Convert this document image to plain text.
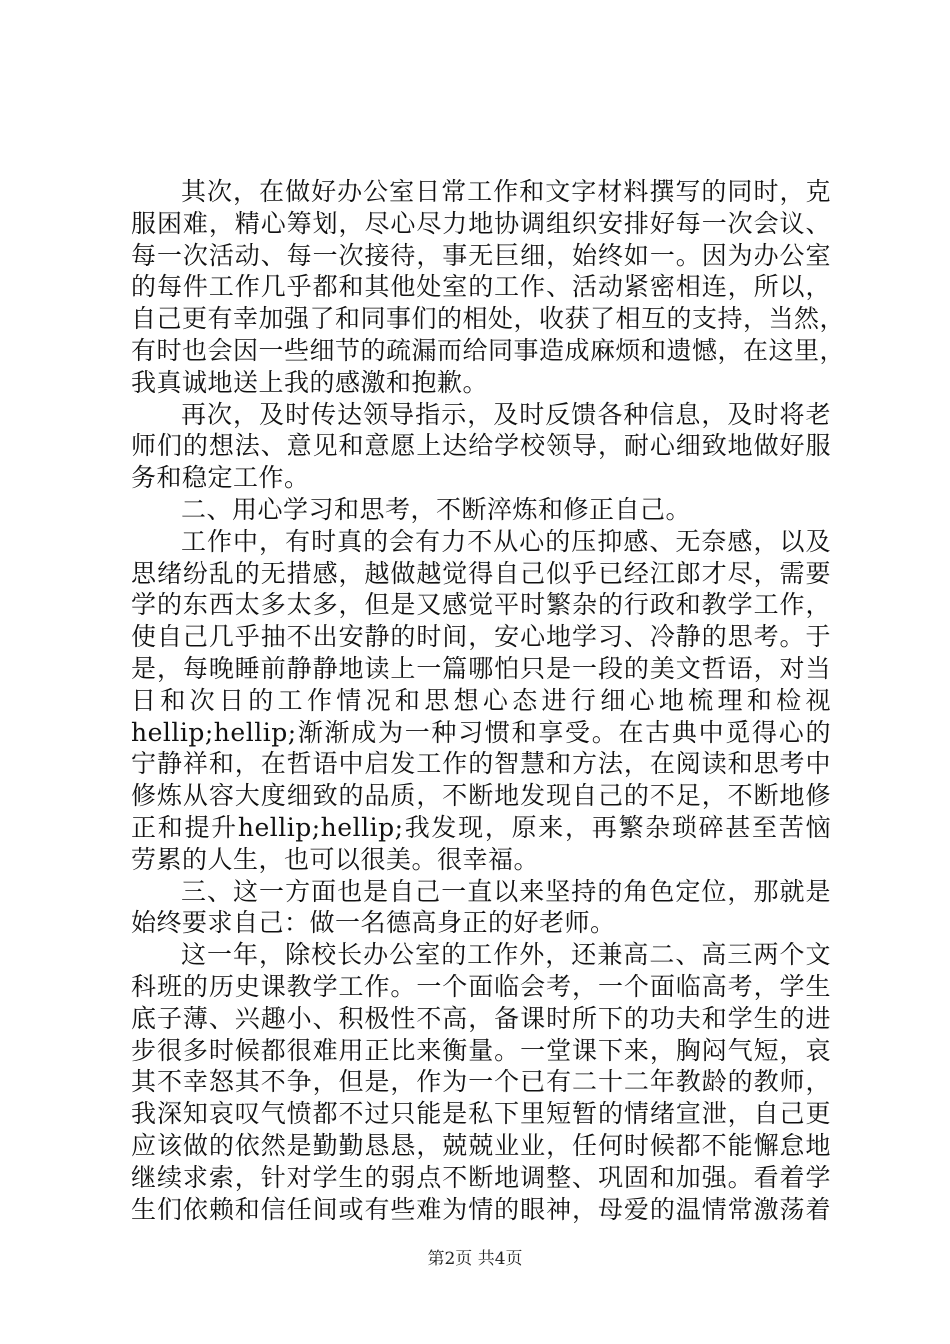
其次，在做好办公室日常工作和文字材料撰写的同时，克
服困难，精心筹划，尽心尽力地协调组织安排好每一次会议、
每一次活动、每一次接待，事无巨细，始终如一。因为办公室
的每件工作几乎都和其他处室的工作、活动紧密相连，所以，
自己更有幸加强了和同事们的相处，收获了相互的支持，当然，
有时也会因一些细节的疏漏而给同事造成麻烦和遗憾，在这里，
我真诚地送上我的感激和抱歉。
再次，及时传达领导指示，及时反馈各种信息，及时将老
师们的想法、意见和意愿上达给学校领导，耐心细致地做好服
务和稳定工作。
二、用心学习和思考，不断淬炼和修正自己。
工作中，有时真的会有力不从心的压抑感、无奈感，以及
思绪纷乱的无措感，越做越觉得自己似乎已经江郎才尽，需要
学的东西太多太多，但是又感觉平时繁杂的行政和教学工作，
使自己几乎抽不出安静的时间，安心地学习、冷静的思考。于
是，每晚睡前静静地读上一篇哪怕只是一段的美文哲语，对当
日和次日的工作情况和思想心态进行细心地梳理和检视
hellip;hellip;渐渐成为一种习惯和享受。在古典中觅得心的
宁静祥和，在哲语中启发工作的智慧和方法，在阅读和思考中
修炼从容大度细致的品质，不断地发现自己的不足，不断地修
正和提升hellip;hellip;我发现，原来，再繁杂琐碎甚至苦恼
劳累的人生，也可以很美。很幸福。
三、这一方面也是自己一直以来坚持的角色定位，那就是
始终要求自己：做一名德高身正的好老师。
这一年，除校长办公室的工作外，还兼高二、高三两个文
科班的历史课教学工作。一个面临会考，一个面临高考，学生
底子薄、兴趣小、积极性不高，备课时所下的功夫和学生的进
步很多时候都很难用正比来衡量。一堂课下来，胸闷气短，哀
其不幸怒其不争，但是，作为一个已有二十二年教龄的教师，
我深知哀叹气愤都不过只能是私下里短暂的情绪宣泄，自己更
应该做的依然是勤勤恳恳，兢兢业业，任何时候都不能懈怠地
继续求索，针对学生的弱点不断地调整、巩固和加强。看着学
生们依赖和信任间或有些难为情的眼神，母爱的温情常激荡着
第2页 共4页
